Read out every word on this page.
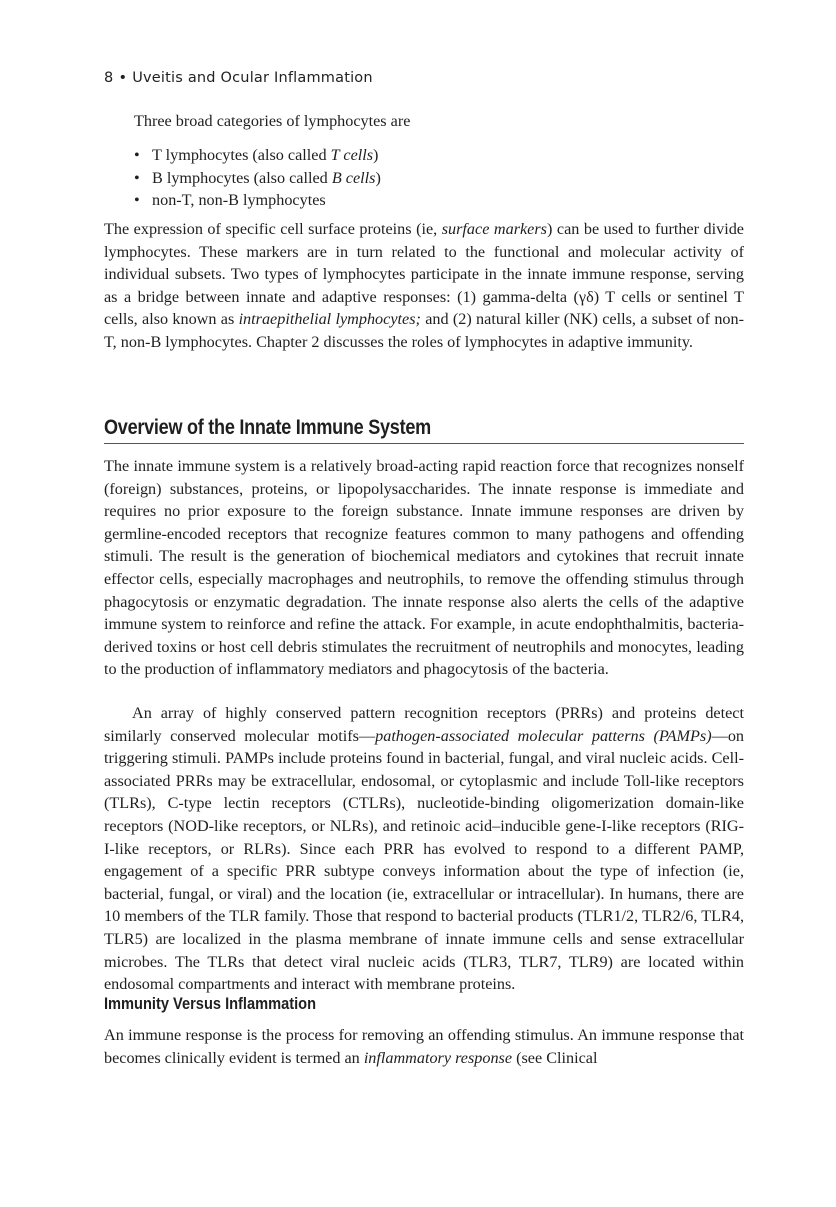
8 • Uveitis and Ocular Inflammation

Three broad categories of lymphocytes are

• T lymphocytes (also called T cells)
• B lymphocytes (also called B cells)
• non-T, non-B lymphocytes

The expression of specific cell surface proteins (ie, surface markers) can be used to further divide lymphocytes. These markers are in turn related to the functional and molecular activity of individual subsets. Two types of lymphocytes participate in the innate immune response, serving as a bridge between innate and adaptive responses: (1) gamma-delta (γδ) T cells or sentinel T cells, also known as intraepithelial lymphocytes; and (2) natural killer (NK) cells, a subset of non-T, non-B lymphocytes. Chapter 2 discusses the roles of lymphocytes in adaptive immunity.

Overview of the Innate Immune System

The innate immune system is a relatively broad-acting rapid reaction force that recognizes nonself (foreign) substances, proteins, or lipopolysaccharides. The innate response is immediate and requires no prior exposure to the foreign substance. Innate immune responses are driven by germline-encoded receptors that recognize features common to many pathogens and offending stimuli. The result is the generation of biochemical mediators and cytokines that recruit innate effector cells, especially macrophages and neutrophils, to remove the offending stimulus through phagocytosis or enzymatic degradation. The innate response also alerts the cells of the adaptive immune system to reinforce and refine the attack. For example, in acute endophthalmitis, bacteria-derived toxins or host cell debris stimulates the recruitment of neutrophils and monocytes, leading to the production of inflammatory mediators and phagocytosis of the bacteria.

An array of highly conserved pattern recognition receptors (PRRs) and proteins detect similarly conserved molecular motifs—pathogen-associated molecular patterns (PAMPs)—on triggering stimuli. PAMPs include proteins found in bacterial, fungal, and viral nucleic acids. Cell-associated PRRs may be extracellular, endosomal, or cytoplasmic and include Toll-like receptors (TLRs), C-type lectin receptors (CTLRs), nucleotide-binding oligomerization domain-like receptors (NOD-like receptors, or NLRs), and retinoic acid–inducible gene-I-like receptors (RIG-I-like receptors, or RLRs). Since each PRR has evolved to respond to a different PAMP, engagement of a specific PRR subtype conveys information about the type of infection (ie, bacterial, fungal, or viral) and the location (ie, extracellular or intracellular). In humans, there are 10 members of the TLR family. Those that respond to bacterial products (TLR1/2, TLR2/6, TLR4, TLR5) are localized in the plasma membrane of innate immune cells and sense extracellular microbes. The TLRs that detect viral nucleic acids (TLR3, TLR7, TLR9) are located within endosomal compartments and interact with membrane proteins.

Immunity Versus Inflammation

An immune response is the process for removing an offending stimulus. An immune response that becomes clinically evident is termed an inflammatory response (see Clinical
